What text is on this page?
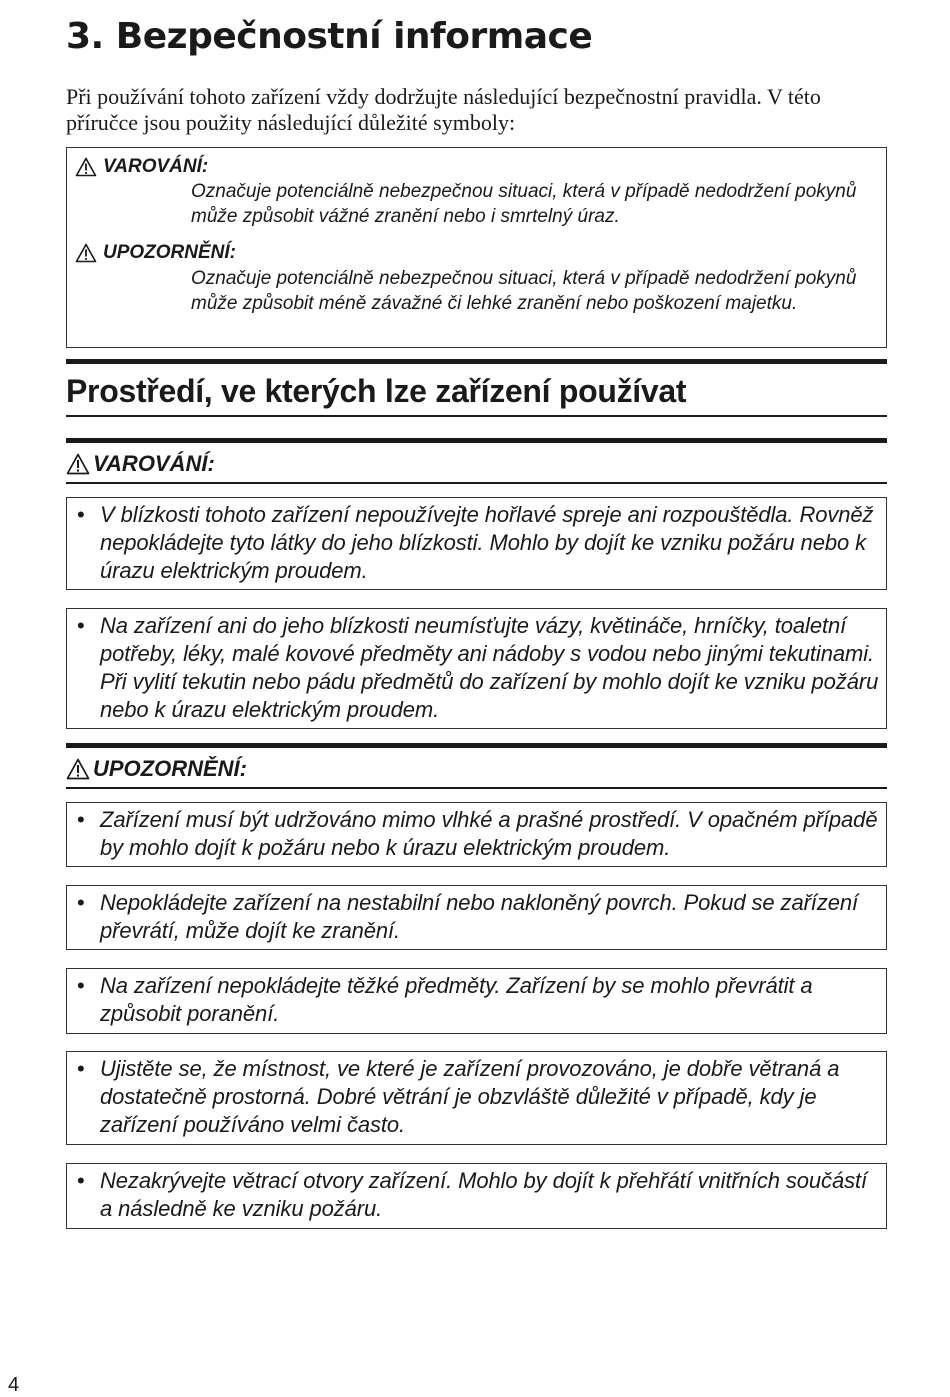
3. Bezpečnostní informace

Při používání tohoto zařízení vždy dodržujte následující bezpečnostní pravidla. V této příručce jsou použity následující důležité symboly:

VAROVÁNÍ:

Označuje potenciálně nebezpečnou situaci, která v případě nedodržení pokynů může způsobit vážné zranění nebo i smrtelný úraz.

UPOZORNĚNÍ:

Označuje potenciálně nebezpečnou situaci, která v případě nedodržení pokynů může způsobit méně závažné či lehké zranění nebo poškození majetku.

Prostředí, ve kterých lze zařízení používat
VAROVÁNÍ:
• V blízkosti tohoto zařízení nepoužívejte hořlavé spreje ani rozpouštědla. Rovněž nepokládejte tyto látky do jeho blízkosti. Mohlo by dojít ke vzniku požáru nebo k úrazu elektrickým proudem.

• Na zařízení ani do jeho blízkosti neumísťujte vázy, květináče, hrníčky, toaletní potřeby, léky, malé kovové předměty ani nádoby s vodou nebo jinými tekutinami. Při vylití tekutin nebo pádu předmětů do zařízení by mohlo dojít ke vzniku požáru nebo k úrazu elektrickým proudem.

UPOZORNĚNÍ:
• Zařízení musí být udržováno mimo vlhké a prašné prostředí. V opačném případě by mohlo dojít k požáru nebo k úrazu elektrickým proudem.

• Nepokládejte zařízení na nestabilní nebo nakloněný povrch. Pokud se zařízení převrátí, může dojít ke zranění.

• Na zařízení nepokládejte těžké předměty. Zařízení by se mohlo převrátit a způsobit poranění.

• Ujistěte se, že místnost, ve které je zařízení provozováno, je dobře větraná a dostatečně prostorná. Dobré větrání je obzvláště důležité v případě, kdy je zařízení používáno velmi často.

• Nezakrývejte větrací otvory zařízení. Mohlo by dojít k přehřátí vnitřních součástí a následně ke vzniku požáru.

4
